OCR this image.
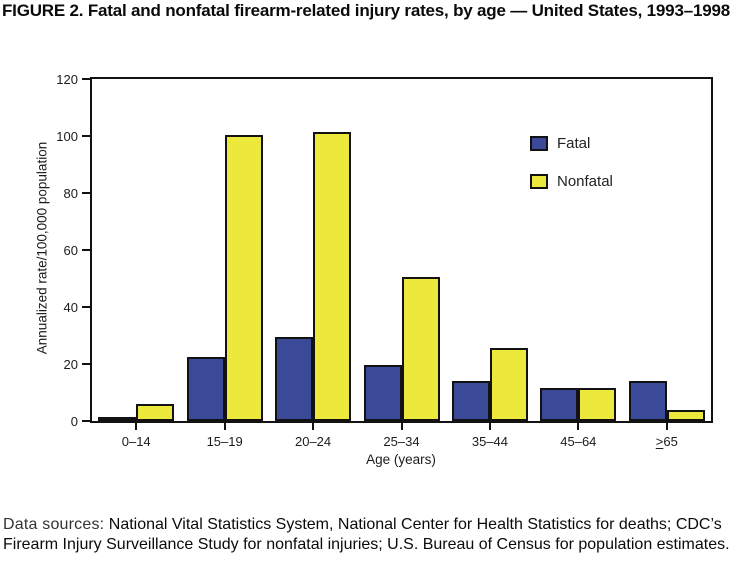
FIGURE 2. Fatal and nonfatal firearm-related injury rates, by age — United States, 1993–1998
Annualized rate/100,000 population	Fatal
Nonfatal
0
20
40
60
80
100
120
0–14	15–19	20–24	25–34	35–44	45–64	>65
Age (years)
Data sources: National Vital Statistics System, National Center for Health Statistics for deaths; CDC’s Firearm Injury Surveillance Study for nonfatal injuries; U.S. Bureau of Census for population estimates.
